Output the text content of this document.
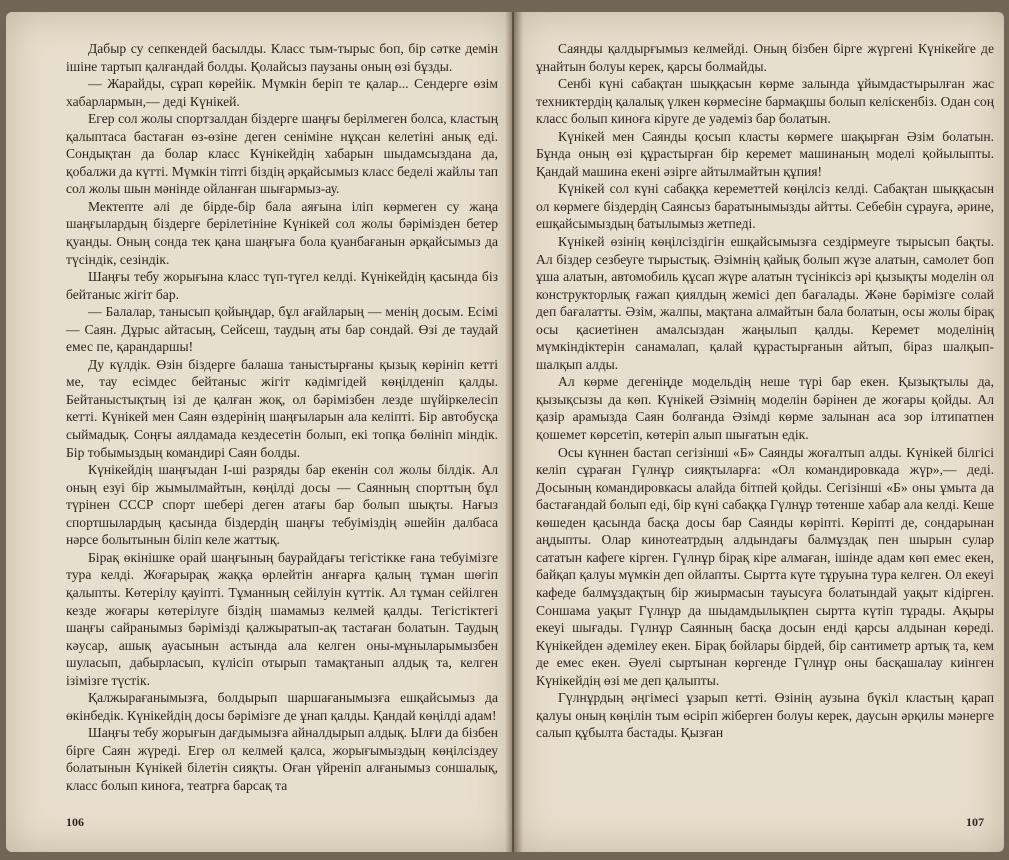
Дабыр су сепкендей басылды. Класс тым-тырыс боп, бір сәтке демін ішіне тартып қалғандай болды. Қолайсыз паузаны оның өзі бұзды.

— Жарайды, сұрап көрейік. Мүмкін беріп те қалар... Сендерге өзім хабарлармын,— деді Күнікей.

Егер сол жолы спортзалдан біздерге шаңғы берілмеген болса, кластың қалыптаса бастаған өз-өзіне деген сеніміне нұқсан келетіні анық еді. Сондықтан да болар класс Күнікейдің хабарын шыдамсыздана да, қобалжи да күтті. Мүмкін тіпті біздің әрқайсымыз класс беделі жайлы тап сол жолы шын мәнінде ойланған шығармыз-ау.

Мектепте әлі де бірде-бір бала аяғына іліп көрмеген су жаңа шаңғылардың біздерге берілетініне Күнікей сол жолы бәрімізден бетер қуанды. Оның сонда тек қана шаңғыға бола қуанбағанын әрқайсымыз да түсіндік, сезіндік.

Шаңғы тебу жорығына класс түп-түгел келді. Күнікейдің қасында біз бейтаныс жігіт бар.

— Балалар, танысып қойыңдар, бұл ағайларың — менің досым. Есімі — Саян. Дұрыс айтасың, Сейсеш, таудың аты бар сондай. Өзі де таудай емес пе, қарандаршы!

Ду күлдік. Өзін біздерге балаша таныстырғаны қызық көрініп кетті ме, тау есімдес бейтаныс жігіт кәдімгідей көңілденіп қалды. Бейтаныстықтың ізі де қалған жоқ, ол бәрімізбен лезде шүйіркелесіп кетті. Күнікей мен Саян өздерінің шаңғыларын ала келіпті. Бір автобусқа сыймадық. Соңғы аялдамада кездесетін болып, екі топқа бөлініп міндік. Бір тобымыздың командирі Саян болды.

Күнікейдің шаңғыдан І-ші разряды бар екенін сол жолы білдік. Ал оның езуі бір жымылмайтын, көңілді досы — Саянның спорттың бұл түрінен СССР спорт шебері деген атағы бар болып шықты. Нағыз спортшылардың қасында біздердің шаңғы тебуіміздің әшейін далбаса нәрсе болытынын біліп келе жаттық.

Бірақ өкінішке орай шаңғының баурайдағы тегістікке ғана тебуімізге тура келді. Жоғарырақ жаққа өрлейтін анғарға қалың тұман шөгіп қалыпты. Көтерілу қауіпті. Тұманның сейілуін күттік. Ал тұман сейілген кезде жоғары көтерілуге біздің шамамыз келмей қалды. Тегістіктегі шаңғы сайранымыз бәрімізді қалжыратып-ақ тастаған болатын. Таудың кәусар, ашық ауасынын астында ала келген оны-мұныларымызбен шуласып, дабырласып, күлісіп отырып тамақтанып алдық та, келген ізімізге түстік.

Қалжырағанымызға, болдырып шаршағанымызға ешқайсымыз да өкінбедік. Күнікейдің досы бәрімізге де ұнап қалды. Қандай көңілді адам!

Шаңғы тебу жорығын дағдымызға айналдырып алдық. Ылғи да бізбен бірге Саян жүреді. Егер ол келмей қалса, жорығымыздың көңілсіздеу болатынын Күнікей білетін сияқты. Оған үйреніп алғанымыз соншалық, класс болып киноға, театрға барсақ та

106

Саянды қалдырғымыз келмейді. Оның бізбен бірге жүргені Күнікейге де ұнайтын болуы керек, қарсы болмайды.

Сенбі күні сабақтан шыққасын көрме залында ұйымдастырылған жас техниктердің қалалық үлкен көрмесіне бармақшы болып келіскенбіз. Одан соң класс болып киноға кіруге де уәдеміз бар болатын.

Күнікей мен Саянды қосып класты көрмеге шақырған Әзім болатын. Бұнда оның өзі құрастырған бір керемет машинаның моделі қойылыпты. Қандай машина екені әзірге айтылмайтын құпия!

Күнікей сол күні сабаққа кереметтей көңілсіз келді. Сабақтан шыққасын ол көрмеге біздердің Саянсыз баратынымызды айтты. Себебін сұрауға, әрине, ешқайсымыздың батылымыз жетпеді.

Күнікей өзінің көңілсіздігін ешқайсымызға сездірмеуге тырысып бақты. Ал біздер сезбеуге тырыстық. Әзімнің қайық болып жүзе алатын, самолет боп ұша алатын, автомобиль құсап жүре алатын түсініксіз әрі қызықты моделін ол конструкторлық ғажап қиялдың жемісі деп бағалады. Және бәрімізге солай деп бағалатты. Әзім, жалпы, мақтана алмайтын бала болатын, осы жолы бірақ осы қасиетінен амалсыздан жаңылып қалды. Керемет моделінің мүмкіндіктерін санамалап, қалай құрастырғанын айтып, біраз шалқып-шалқып алды.

Ал көрме дегеніңде модельдің неше түрі бар екен. Қызықтылы да, қызықсызы да көп. Күнікей Әзімнің моделін бәрінен де жоғары қойды. Ал қазір арамызда Саян болғанда Әзімді көрме залынан аса зор ілтипатпен қошемет көрсетіп, көтеріп алып шығатын едік.

Осы күннен бастап сегізінші «Б» Саянды жоғалтып алды. Күнікей білгісі келіп сұраған Гүлнұр сияқтыларға: «Ол командировкада жүр»,— деді. Досының командировкасы алайда бітпей қойды. Сегізінші «Б» оны ұмыта да бастағандай болып еді, бір күні сабаққа Гүлнұр төтенше хабар ала келді. Кеше көшеден қасында басқа досы бар Саянды көріпті. Көріпті де, сондарынан аңдыпты. Олар кинотеатрдың алдындағы балмұздақ пен шырын сулар сататын кафеге кірген. Гүлнұр бірақ кіре алмаған, ішінде адам көп емес екен, байқап қалуы мүмкін деп ойлапты. Сыртта күте тұруына тура келген. Ол екеуі кафеде балмұздақтың бір жиырмасын тауысуға болатындай уақыт кідірген. Соншама уақыт Гүлнұр да шыдамдылықпен сыртта күтіп тұрады. Ақыры екеуі шығады. Гүлнұр Саянның басқа досын енді қарсы алдынан көреді. Күнікейден әдемілеу екен. Бірақ бойлары бірдей, бір сантиметр артық та, кем де емес екен. Әуелі сыртынан көргенде Гүлнұр оны басқашалау киінген Күнікейдің өзі ме деп қалыпты.

Гүлнұрдың әңгімесі ұзарып кетті. Өзінің аузына бүкіл кластың қарап қалуы оның көңілін тым өсіріп жіберген болуы керек, даусын әрқилы мәнерге салып құбылта бастады. Қызған

107
